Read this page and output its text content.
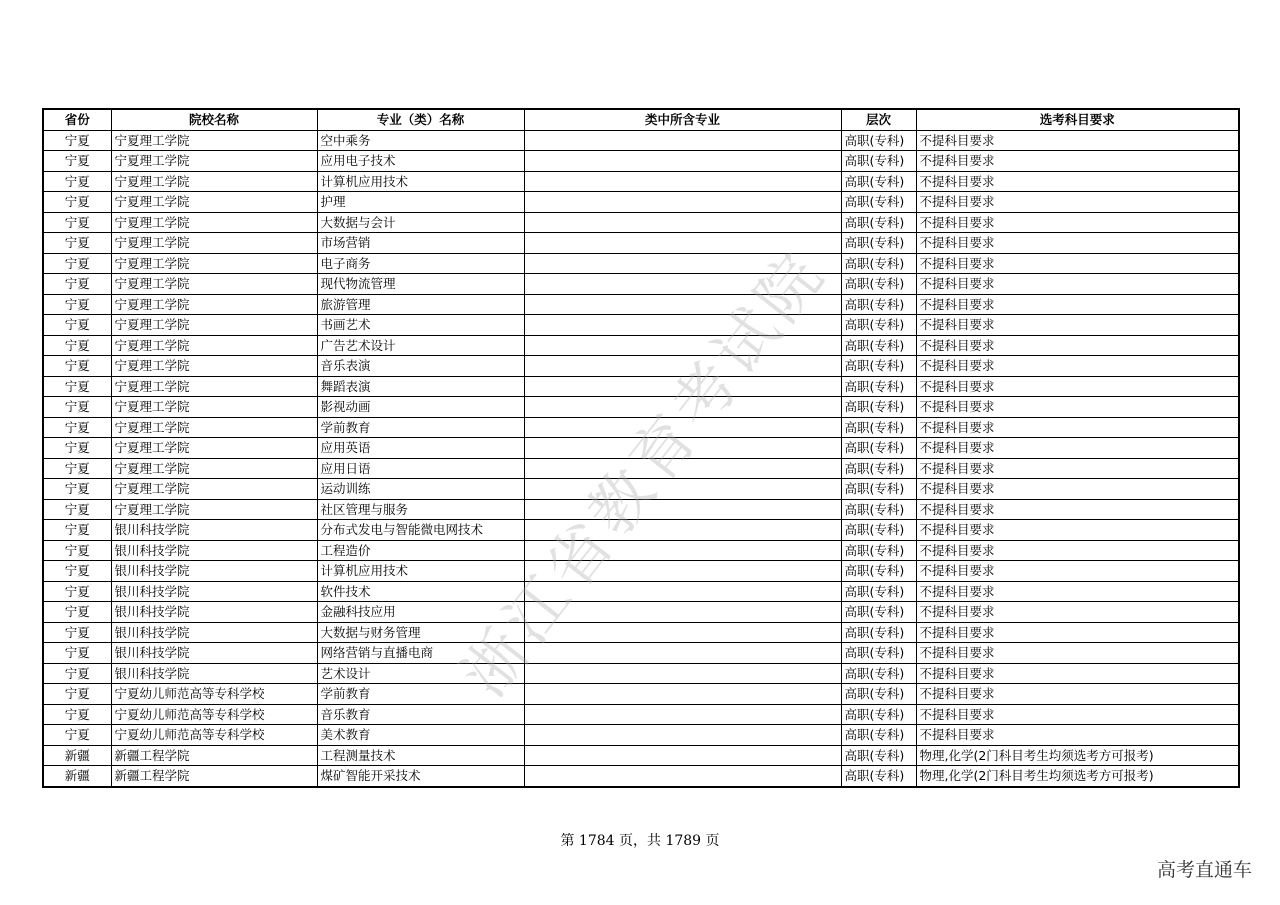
省份	院校名称	专业（类）名称	类中所含专业	层次	选考科目要求
宁夏	宁夏理工学院	空中乘务		高职(专科)	不提科目要求
宁夏	宁夏理工学院	应用电子技术		高职(专科)	不提科目要求
宁夏	宁夏理工学院	计算机应用技术		高职(专科)	不提科目要求
宁夏	宁夏理工学院	护理		高职(专科)	不提科目要求
宁夏	宁夏理工学院	大数据与会计		高职(专科)	不提科目要求
宁夏	宁夏理工学院	市场营销		高职(专科)	不提科目要求
宁夏	宁夏理工学院	电子商务		高职(专科)	不提科目要求
宁夏	宁夏理工学院	现代物流管理		高职(专科)	不提科目要求
宁夏	宁夏理工学院	旅游管理		高职(专科)	不提科目要求
宁夏	宁夏理工学院	书画艺术		高职(专科)	不提科目要求
宁夏	宁夏理工学院	广告艺术设计		高职(专科)	不提科目要求
宁夏	宁夏理工学院	音乐表演		高职(专科)	不提科目要求
宁夏	宁夏理工学院	舞蹈表演		高职(专科)	不提科目要求
宁夏	宁夏理工学院	影视动画		高职(专科)	不提科目要求
宁夏	宁夏理工学院	学前教育		高职(专科)	不提科目要求
宁夏	宁夏理工学院	应用英语		高职(专科)	不提科目要求
宁夏	宁夏理工学院	应用日语		高职(专科)	不提科目要求
宁夏	宁夏理工学院	运动训练		高职(专科)	不提科目要求
宁夏	宁夏理工学院	社区管理与服务		高职(专科)	不提科目要求
宁夏	银川科技学院	分布式发电与智能微电网技术		高职(专科)	不提科目要求
宁夏	银川科技学院	工程造价		高职(专科)	不提科目要求
宁夏	银川科技学院	计算机应用技术		高职(专科)	不提科目要求
宁夏	银川科技学院	软件技术		高职(专科)	不提科目要求
宁夏	银川科技学院	金融科技应用		高职(专科)	不提科目要求
宁夏	银川科技学院	大数据与财务管理		高职(专科)	不提科目要求
宁夏	银川科技学院	网络营销与直播电商		高职(专科)	不提科目要求
宁夏	银川科技学院	艺术设计		高职(专科)	不提科目要求
宁夏	宁夏幼儿师范高等专科学校	学前教育		高职(专科)	不提科目要求
宁夏	宁夏幼儿师范高等专科学校	音乐教育		高职(专科)	不提科目要求
宁夏	宁夏幼儿师范高等专科学校	美术教育		高职(专科)	不提科目要求
新疆	新疆工程学院	工程测量技术		高职(专科)	物理,化学(2门科目考生均须选考方可报考)
新疆	新疆工程学院	煤矿智能开采技术		高职(专科)	物理,化学(2门科目考生均须选考方可报考)
浙江省教育考试院
第 1784 页，共 1789 页
高考直通车
